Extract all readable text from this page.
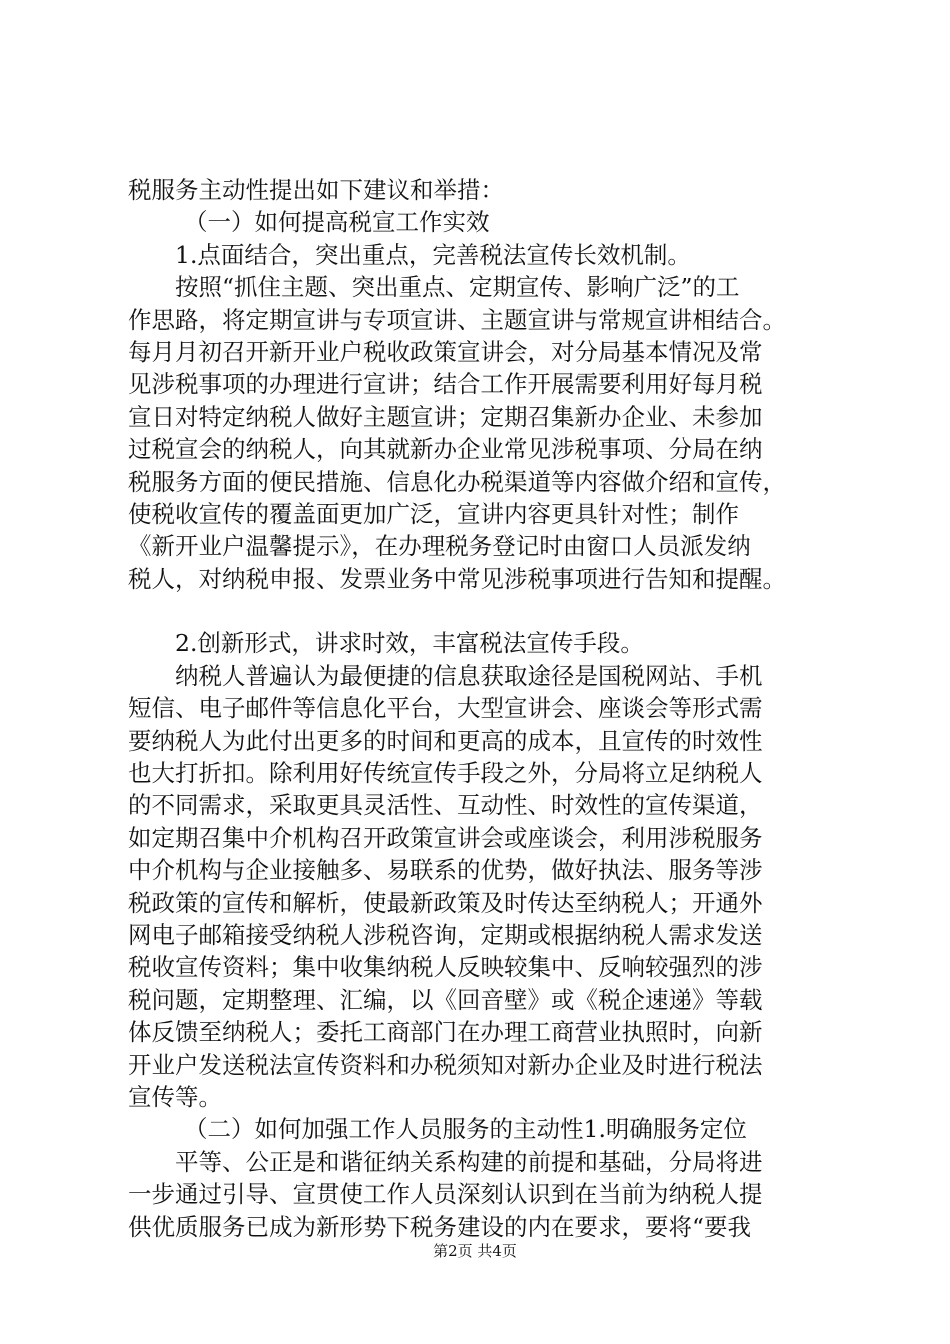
税服务主动性提出如下建议和举措：
（一）如何提高税宣工作实效
1.点面结合，突出重点，完善税法宣传长效机制。
按照“抓住主题、突出重点、定期宣传、影响广泛”的工
作思路，将定期宣讲与专项宣讲、主题宣讲与常规宣讲相结合。
每月月初召开新开业户税收政策宣讲会，对分局基本情况及常
见涉税事项的办理进行宣讲；结合工作开展需要利用好每月税
宣日对特定纳税人做好主题宣讲；定期召集新办企业、未参加
过税宣会的纳税人，向其就新办企业常见涉税事项、分局在纳
税服务方面的便民措施、信息化办税渠道等内容做介绍和宣传，
使税收宣传的覆盖面更加广泛，宣讲内容更具针对性；制作
《新开业户温馨提示》，在办理税务登记时由窗口人员派发纳
税人，对纳税申报、发票业务中常见涉税事项进行告知和提醒。
2.创新形式，讲求时效，丰富税法宣传手段。
纳税人普遍认为最便捷的信息获取途径是国税网站、手机
短信、电子邮件等信息化平台，大型宣讲会、座谈会等形式需
要纳税人为此付出更多的时间和更高的成本，且宣传的时效性
也大打折扣。除利用好传统宣传手段之外，分局将立足纳税人
的不同需求，采取更具灵活性、互动性、时效性的宣传渠道，
如定期召集中介机构召开政策宣讲会或座谈会，利用涉税服务
中介机构与企业接触多、易联系的优势，做好执法、服务等涉
税政策的宣传和解析，使最新政策及时传达至纳税人；开通外
网电子邮箱接受纳税人涉税咨询，定期或根据纳税人需求发送
税收宣传资料；集中收集纳税人反映较集中、反响较强烈的涉
税问题，定期整理、汇编，以《回音壁》或《税企速递》等载
体反馈至纳税人；委托工商部门在办理工商营业执照时，向新
开业户发送税法宣传资料和办税须知对新办企业及时进行税法
宣传等。
（二）如何加强工作人员服务的主动性1.明确服务定位
平等、公正是和谐征纳关系构建的前提和基础，分局将进
一步通过引导、宣贯使工作人员深刻认识到在当前为纳税人提
供优质服务已成为新形势下税务建设的内在要求，要将“要我
第2页 共4页
